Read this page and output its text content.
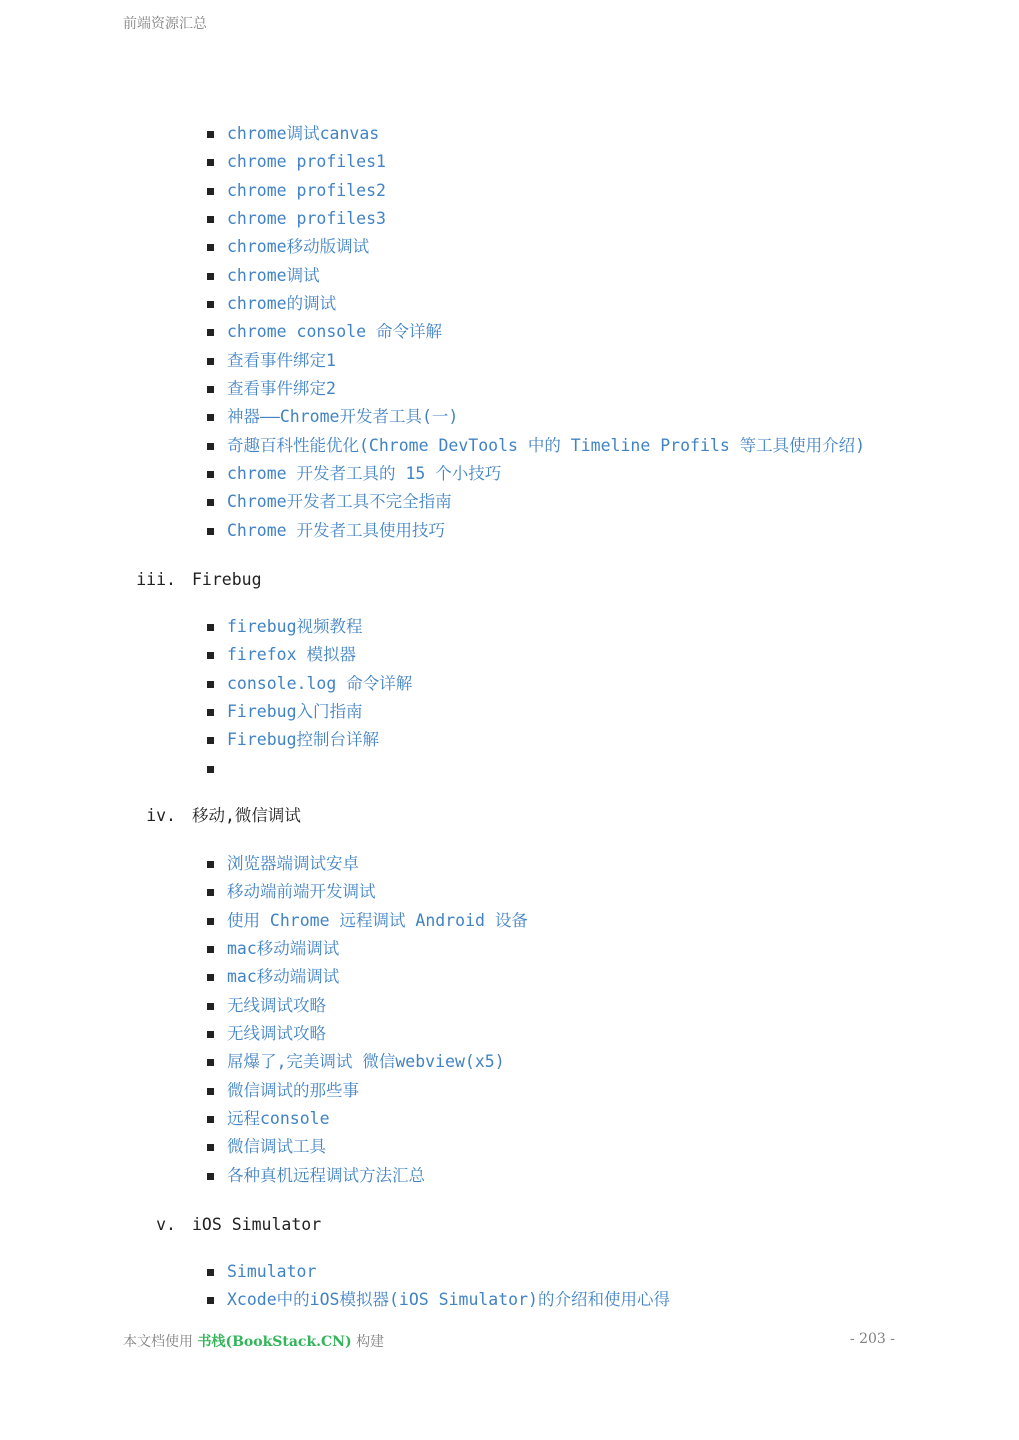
前端资源汇总
chrome调试canvas
chrome profiles1
chrome profiles2
chrome profiles3
chrome移动版调试
chrome调试
chrome的调试
chrome console 命令详解
查看事件绑定1
查看事件绑定2
神器——Chrome开发者工具(一)
奇趣百科性能优化(Chrome DevTools 中的 Timeline Profils 等工具使用介绍)
chrome 开发者工具的 15 个小技巧
Chrome开发者工具不完全指南
Chrome 开发者工具使用技巧
iii. Firebug
firebug视频教程
firefox 模拟器
console.log 命令详解
Firebug入门指南
Firebug控制台详解
iv. 移动,微信调试
浏览器端调试安卓
移动端前端开发调试
使用 Chrome 远程调试 Android 设备
mac移动端调试
mac移动端调试
无线调试攻略
无线调试攻略
屌爆了,完美调试 微信webview(x5)
微信调试的那些事
远程console
微信调试工具
各种真机远程调试方法汇总
v. iOS Simulator
Simulator
Xcode中的iOS模拟器(iOS Simulator)的介绍和使用心得
本文档使用 书栈(BookStack.CN) 构建	- 203 -
